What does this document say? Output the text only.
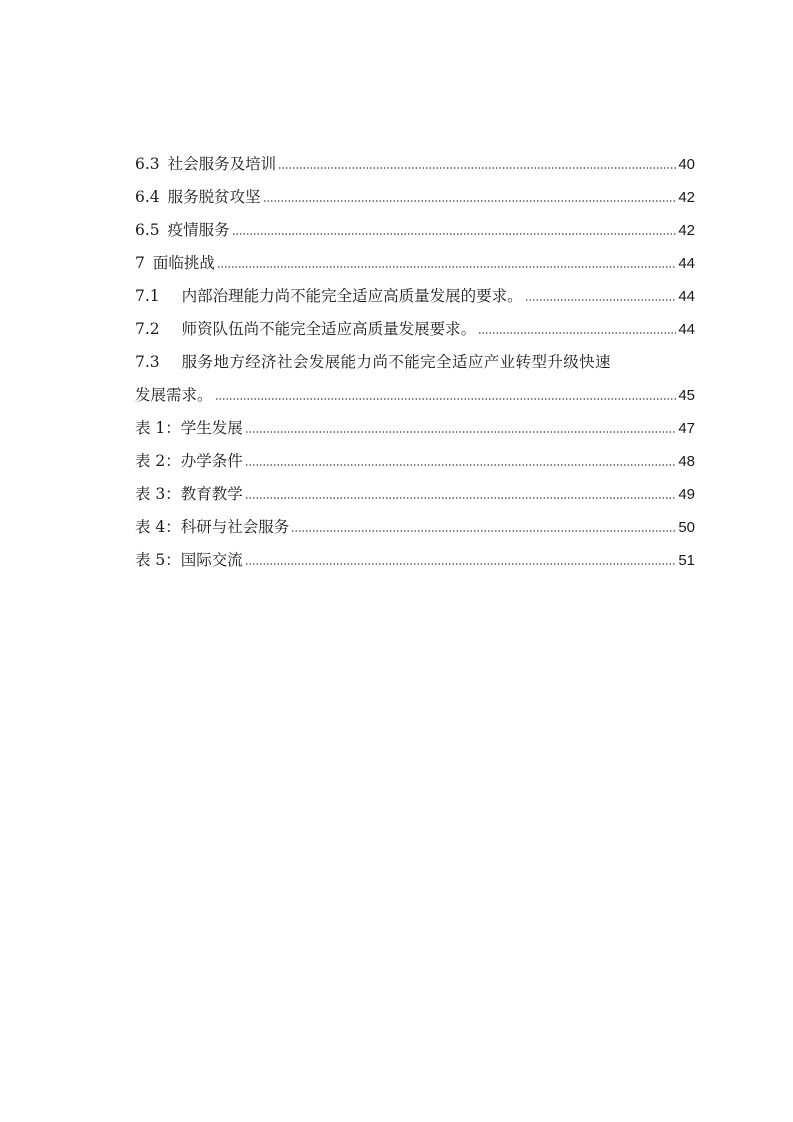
6.3 社会服务及培训	40
6.4 服务脱贫攻坚	42
6.5 疫情服务	42
7 面临挑战	44
7.1 内部治理能力尚不能完全适应高质量发展的要求。	44
7.2 师资队伍尚不能完全适应高质量发展要求。	44
7.3 服务地方经济社会发展能力尚不能完全适应产业转型升级快速
发展需求。	45
表 1： 学生发展	47
表 2： 办学条件	48
表 3： 教育教学	49
表 4： 科研与社会服务	50
表 5： 国际交流	51
